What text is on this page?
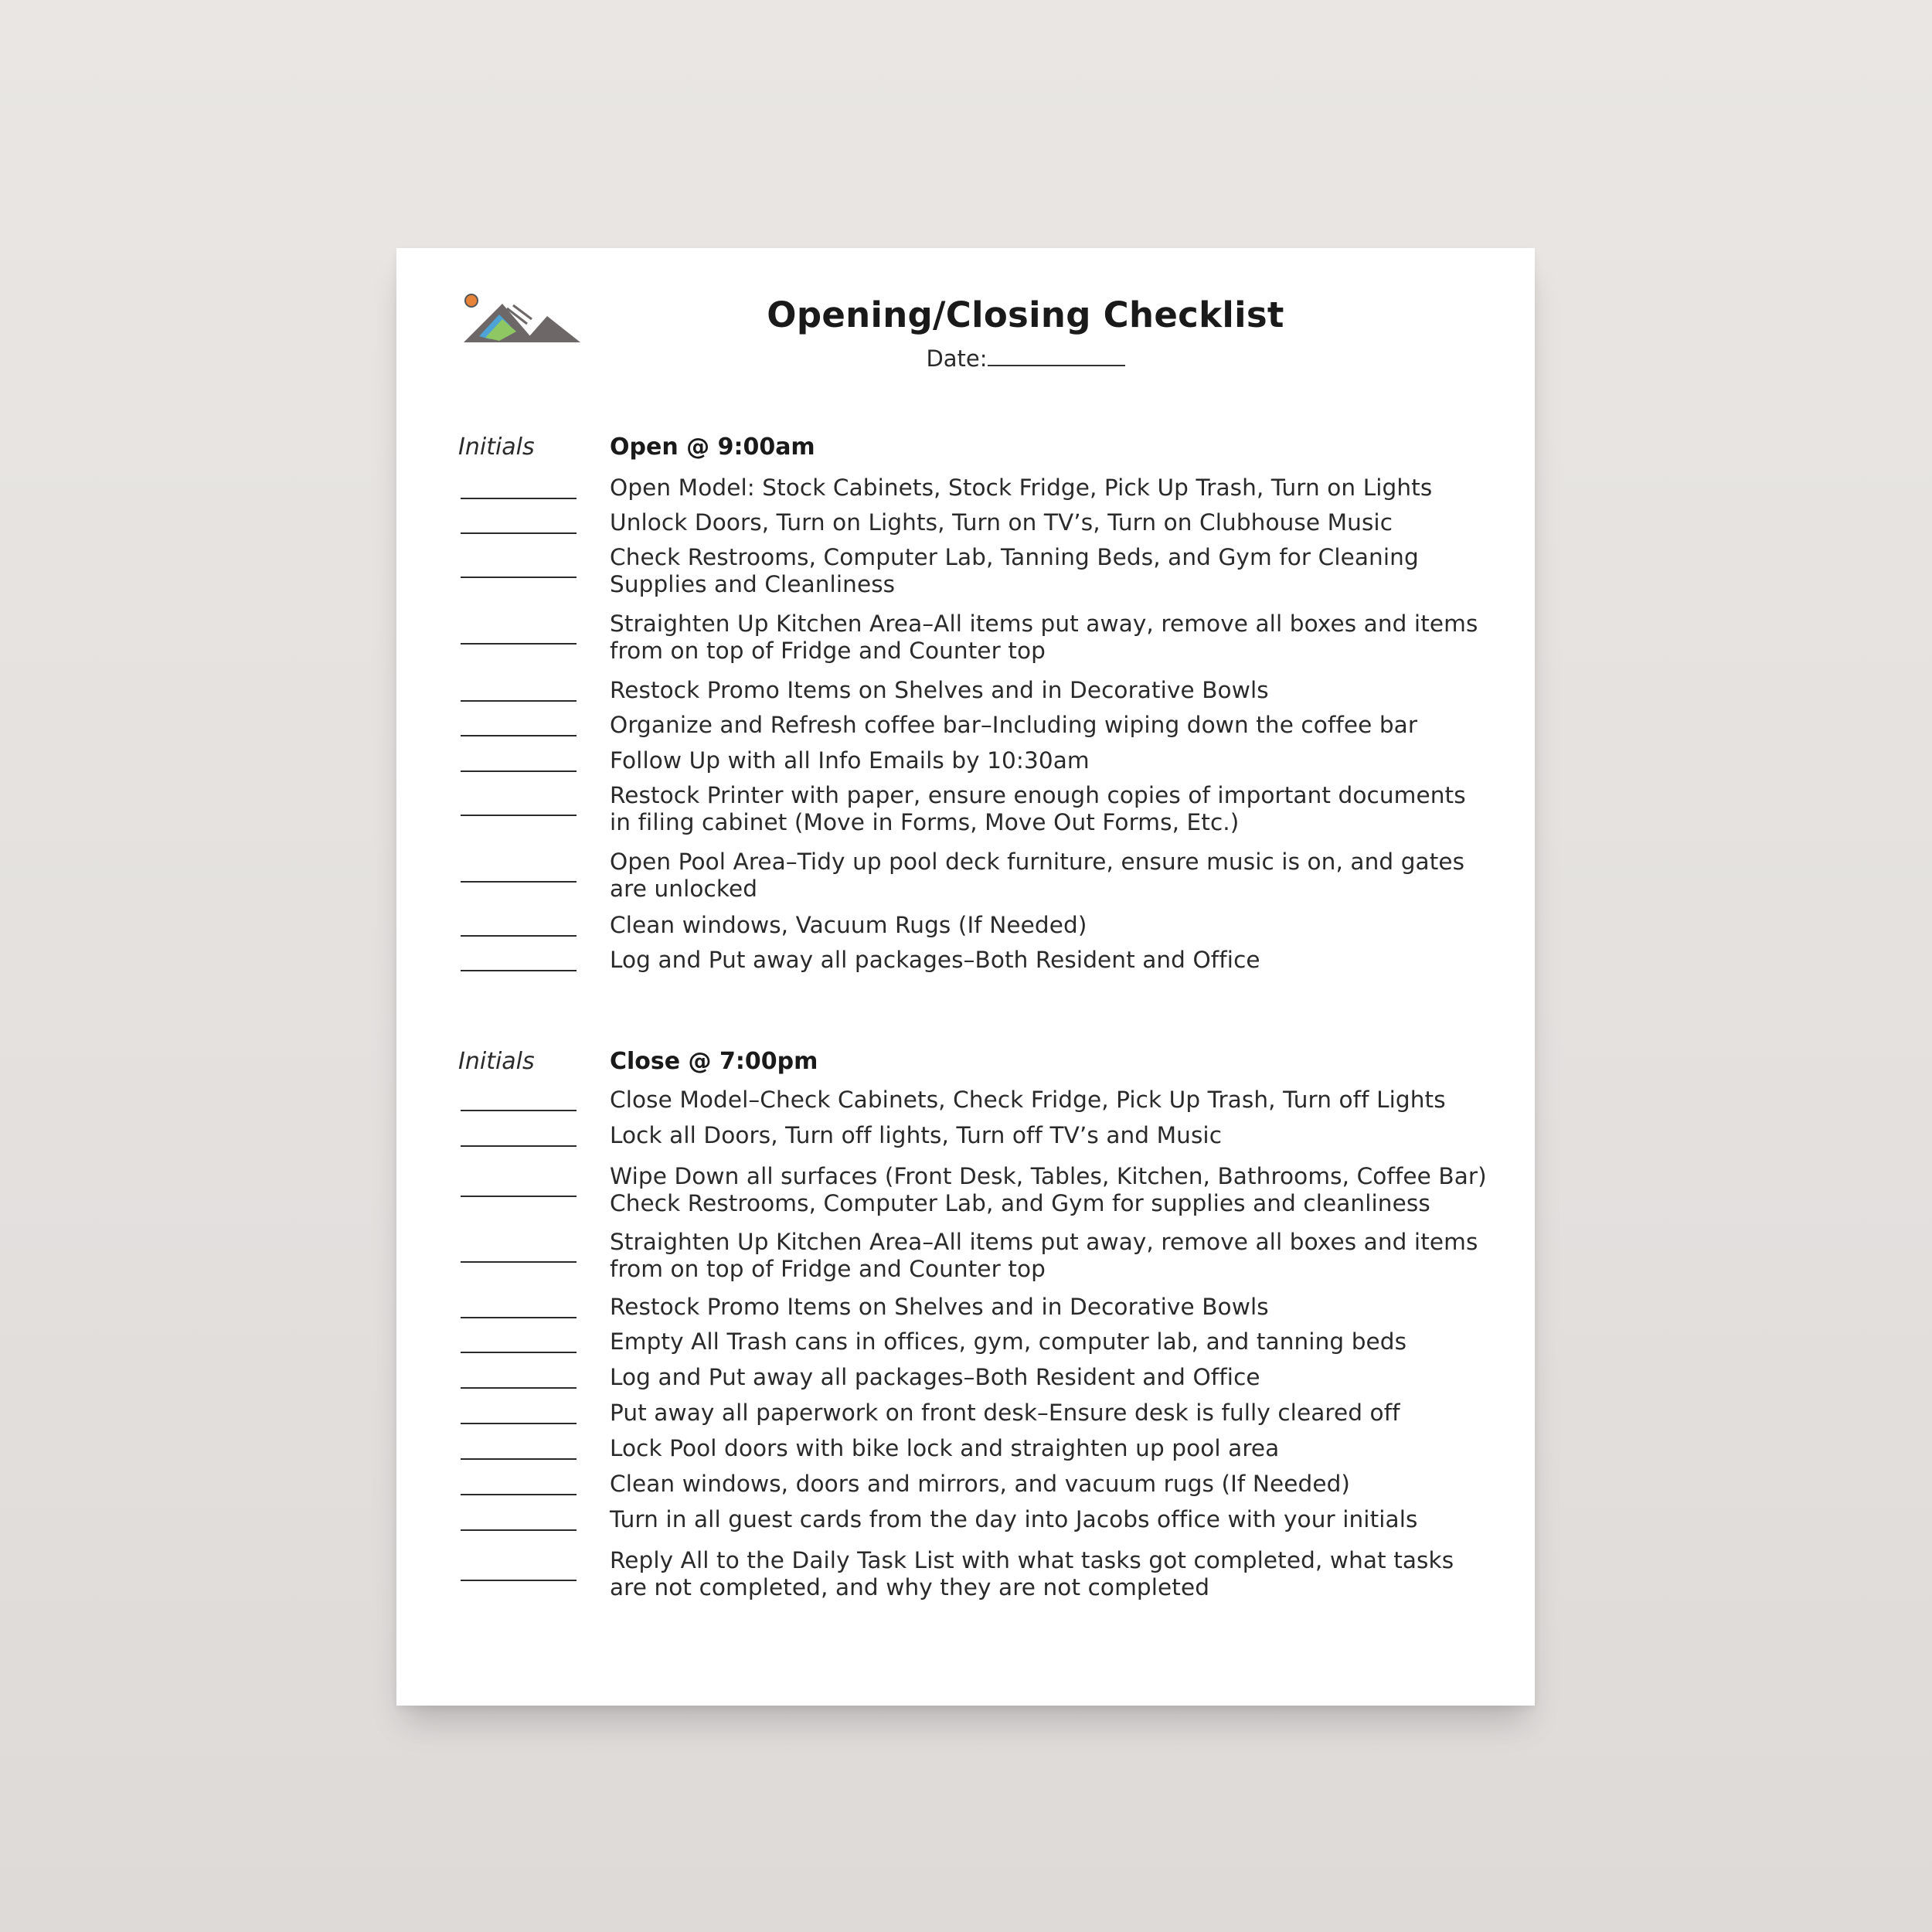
Opening/Closing Checklist
Date:
Initials	Open @ 9:00am
Open Model: Stock Cabinets, Stock Fridge, Pick Up Trash, Turn on Lights
Unlock Doors, Turn on Lights, Turn on TV’s, Turn on Clubhouse Music
Check Restrooms, Computer Lab, Tanning Beds, and Gym for Cleaning
Supplies and Cleanliness
Straighten Up Kitchen Area–All items put away, remove all boxes and items
from on top of Fridge and Counter top
Restock Promo Items on Shelves and in Decorative Bowls
Organize and Refresh coffee bar–Including wiping down the coffee bar
Follow Up with all Info Emails by 10:30am
Restock Printer with paper, ensure enough copies of important documents
in filing cabinet (Move in Forms, Move Out Forms, Etc.)
Open Pool Area–Tidy up pool deck furniture, ensure music is on, and gates
are unlocked
Clean windows, Vacuum Rugs (If Needed)
Log and Put away all packages–Both Resident and Office
Initials	Close @ 7:00pm
Close Model–Check Cabinets, Check Fridge, Pick Up Trash, Turn off Lights
Lock all Doors, Turn off lights, Turn off TV’s and Music
Wipe Down all surfaces (Front Desk, Tables, Kitchen, Bathrooms, Coffee Bar)
Check Restrooms, Computer Lab, and Gym for supplies and cleanliness
Straighten Up Kitchen Area–All items put away, remove all boxes and items
from on top of Fridge and Counter top
Restock Promo Items on Shelves and in Decorative Bowls
Empty All Trash cans in offices, gym, computer lab, and tanning beds
Log and Put away all packages–Both Resident and Office
Put away all paperwork on front desk–Ensure desk is fully cleared off
Lock Pool doors with bike lock and straighten up pool area
Clean windows, doors and mirrors, and vacuum rugs (If Needed)
Turn in all guest cards from the day into Jacobs office with your initials
Reply All to the Daily Task List with what tasks got completed, what tasks
are not completed, and why they are not completed
